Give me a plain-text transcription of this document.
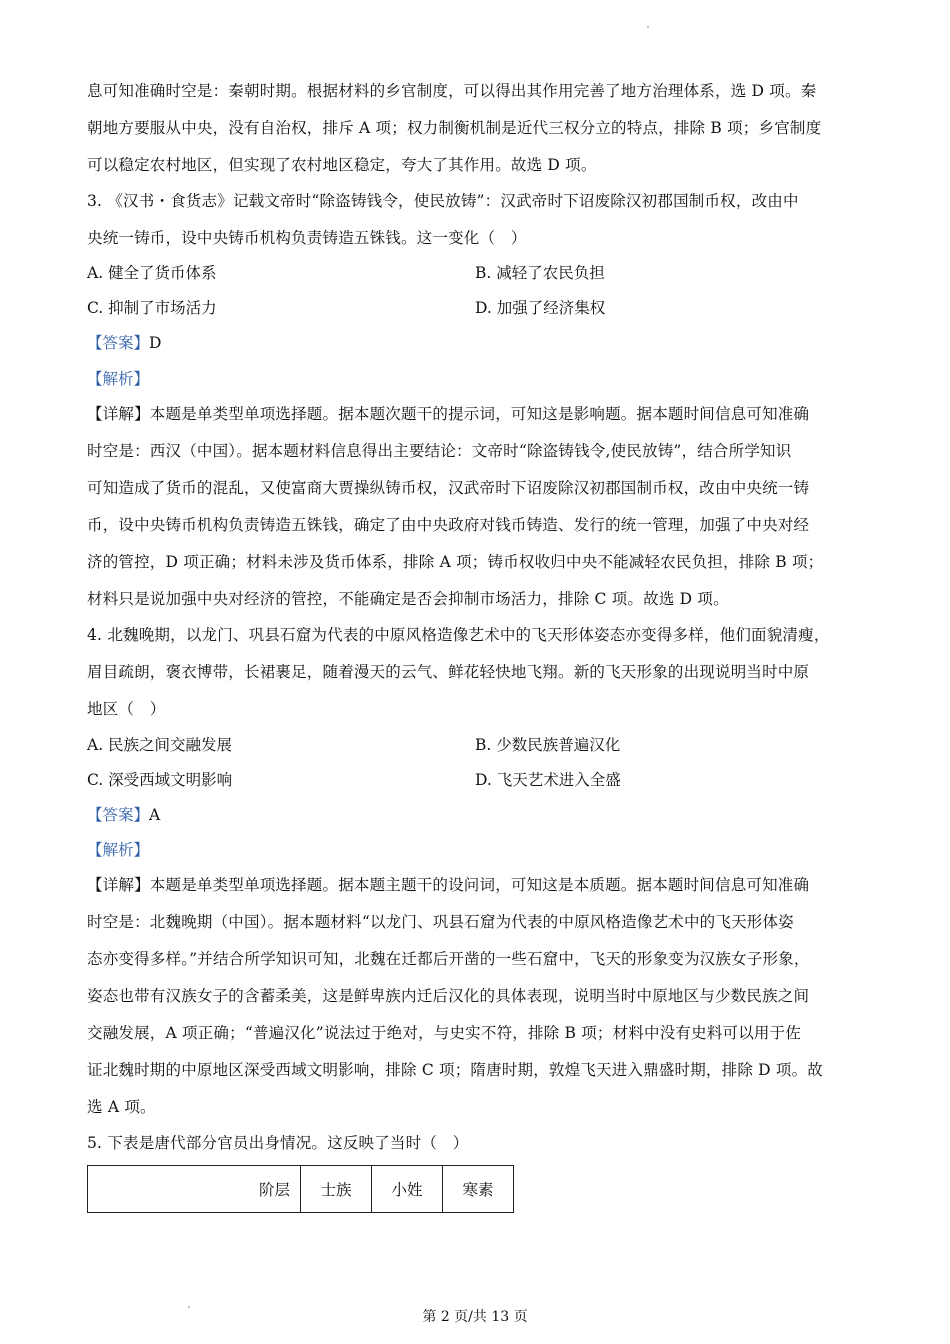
息可知准确时空是：秦朝时期。根据材料的乡官制度，可以得出其作用完善了地方治理体系，选 D 项。秦
朝地方要服从中央，没有自治权，排斥 A 项；权力制衡机制是近代三权分立的特点，排除 B 项；乡官制度
可以稳定农村地区，但实现了农村地区稳定，夸大了其作用。故选 D 项。
3. 《汉书・食货志》记载文帝时“除盗铸钱令，使民放铸”：汉武帝时下诏废除汉初郡国制币权，改由中
央统一铸币，设中央铸币机构负责铸造五铢钱。这一变化（　）
A. 健全了货币体系	B. 减轻了农民负担
C. 抑制了市场活力	D. 加强了经济集权
【答案】D
【解析】
【详解】本题是单类型单项选择题。据本题次题干的提示词，可知这是影响题。据本题时间信息可知准确
时空是：西汉（中国）。据本题材料信息得出主要结论：文帝时“除盗铸钱令,使民放铸”，结合所学知识
可知造成了货币的混乱，又使富商大贾操纵铸币权，汉武帝时下诏废除汉初郡国制币权，改由中央统一铸
币，设中央铸币机构负责铸造五铢钱，确定了由中央政府对钱币铸造、发行的统一管理，加强了中央对经
济的管控，D 项正确；材料未涉及货币体系，排除 A 项；铸币权收归中央不能减轻农民负担，排除 B 项；
材料只是说加强中央对经济的管控，不能确定是否会抑制市场活力，排除 C 项。故选 D 项。
4. 北魏晚期，以龙门、巩县石窟为代表的中原风格造像艺术中的飞天形体姿态亦变得多样，他们面貌清瘦，
眉目疏朗，褒衣博带，长裙裹足，随着漫天的云气、鲜花轻快地飞翔。新的飞天形象的出现说明当时中原
地区（　）
A. 民族之间交融发展	B. 少数民族普遍汉化
C. 深受西域文明影响	D. 飞天艺术进入全盛
【答案】A
【解析】
【详解】本题是单类型单项选择题。据本题主题干的设问词，可知这是本质题。据本题时间信息可知准确
时空是：北魏晚期（中国）。据本题材料“以龙门、巩县石窟为代表的中原风格造像艺术中的飞天形体姿
态亦变得多样。”并结合所学知识可知，北魏在迁都后开凿的一些石窟中，飞天的形象变为汉族女子形象，
姿态也带有汉族女子的含蓄柔美，这是鲜卑族内迁后汉化的具体表现，说明当时中原地区与少数民族之间
交融发展，A 项正确；“普遍汉化”说法过于绝对，与史实不符，排除 B 项；材料中没有史料可以用于佐
证北魏时期的中原地区深受西域文明影响，排除 C 项；隋唐时期，敦煌飞天进入鼎盛时期，排除 D 项。故
选 A 项。
5. 下表是唐代部分官员出身情况。这反映了当时（　）
阶层	士族	小姓	寒素
第 2 页/共 13 页
